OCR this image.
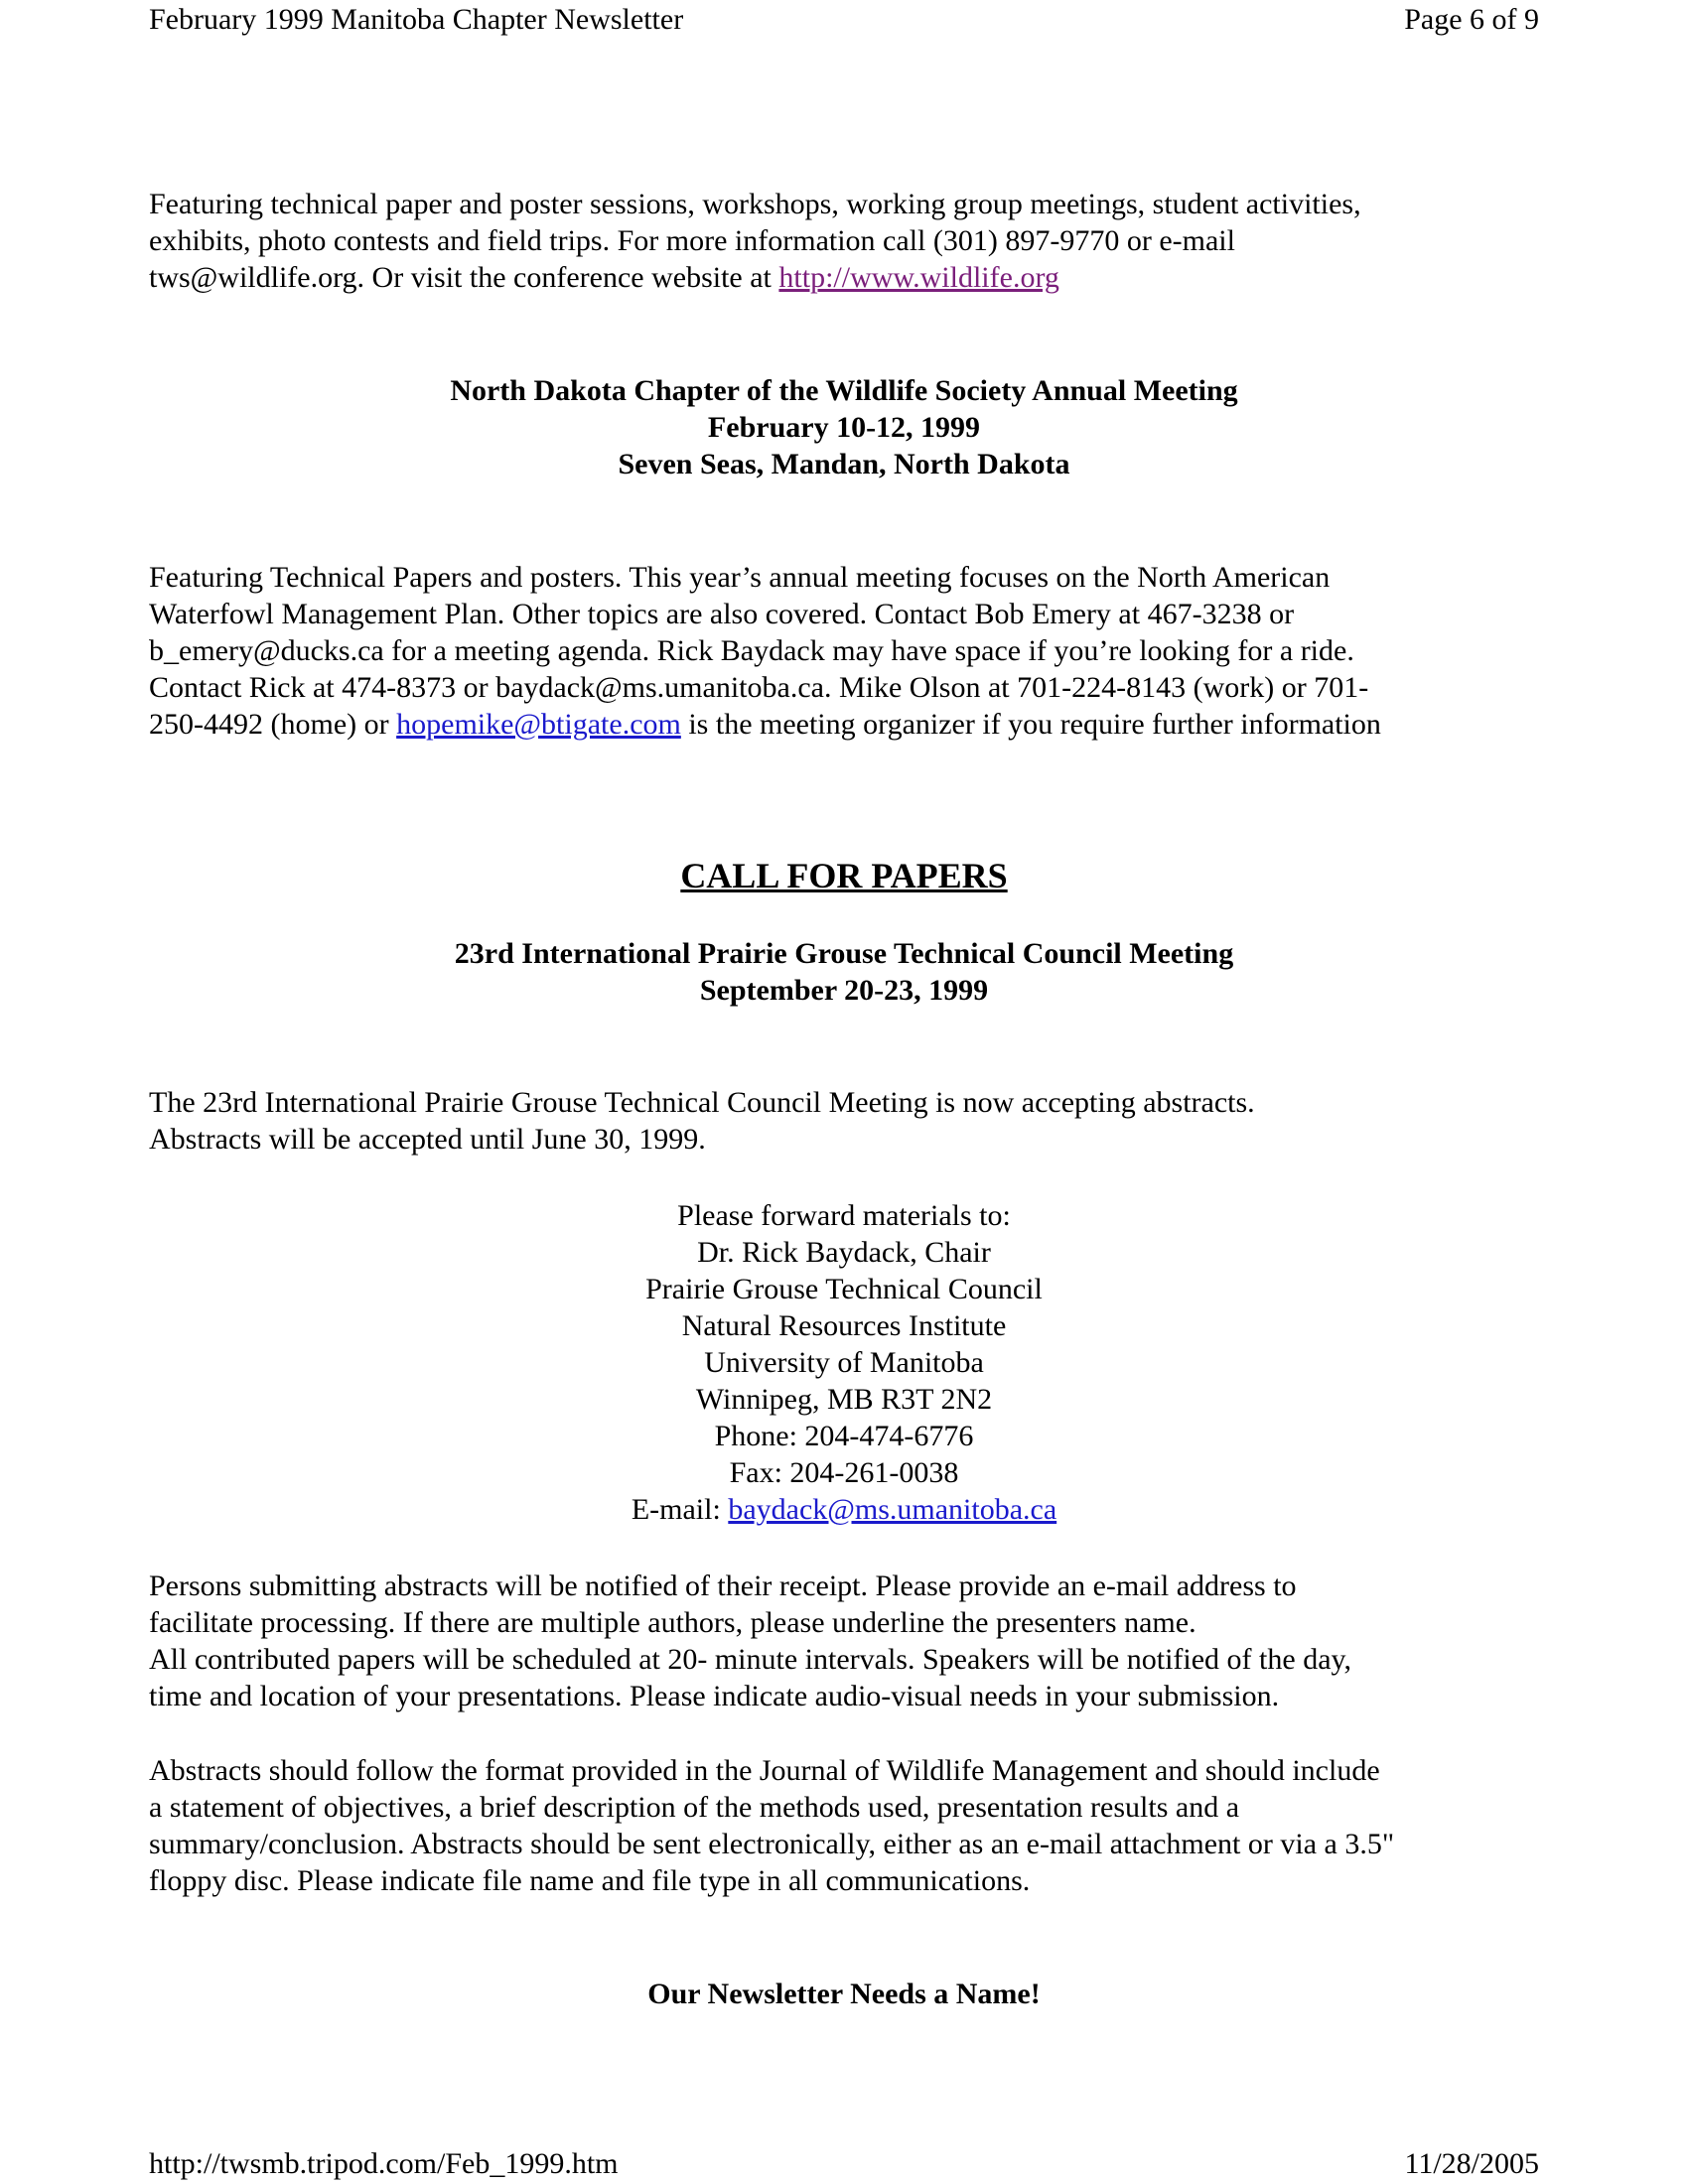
February 1999 Manitoba Chapter Newsletter	Page 6 of 9
Featuring technical paper and poster sessions, workshops, working group meetings, student activities,
exhibits, photo contests and field trips. For more information call (301) 897-9770 or e-mail
tws@wildlife.org. Or visit the conference website at http://www.wildlife.org
North Dakota Chapter of the Wildlife Society Annual Meeting
February 10-12, 1999
Seven Seas, Mandan, North Dakota
Featuring Technical Papers and posters. This year’s annual meeting focuses on the North American
Waterfowl Management Plan. Other topics are also covered. Contact Bob Emery at 467-3238 or
b_emery@ducks.ca for a meeting agenda. Rick Baydack may have space if you’re looking for a ride.
Contact Rick at 474-8373 or baydack@ms.umanitoba.ca. Mike Olson at 701-224-8143 (work) or 701-
250-4492 (home) or hopemike@btigate.com is the meeting organizer if you require further information
CALL FOR PAPERS
23rd International Prairie Grouse Technical Council Meeting
September 20-23, 1999
The 23rd International Prairie Grouse Technical Council Meeting is now accepting abstracts.
Abstracts will be accepted until June 30, 1999.
Please forward materials to:
Dr. Rick Baydack, Chair
Prairie Grouse Technical Council
Natural Resources Institute
University of Manitoba
Winnipeg, MB R3T 2N2
Phone: 204-474-6776
Fax: 204-261-0038
E-mail: baydack@ms.umanitoba.ca
Persons submitting abstracts will be notified of their receipt. Please provide an e-mail address to
facilitate processing. If there are multiple authors, please underline the presenters name.
All contributed papers will be scheduled at 20- minute intervals. Speakers will be notified of the day,
time and location of your presentations. Please indicate audio-visual needs in your submission.
Abstracts should follow the format provided in the Journal of Wildlife Management and should include
a statement of objectives, a brief description of the methods used, presentation results and a
summary/conclusion. Abstracts should be sent electronically, either as an e-mail attachment or via a 3.5"
floppy disc. Please indicate file name and file type in all communications.
Our Newsletter Needs a Name!
http://twsmb.tripod.com/Feb_1999.htm	11/28/2005
